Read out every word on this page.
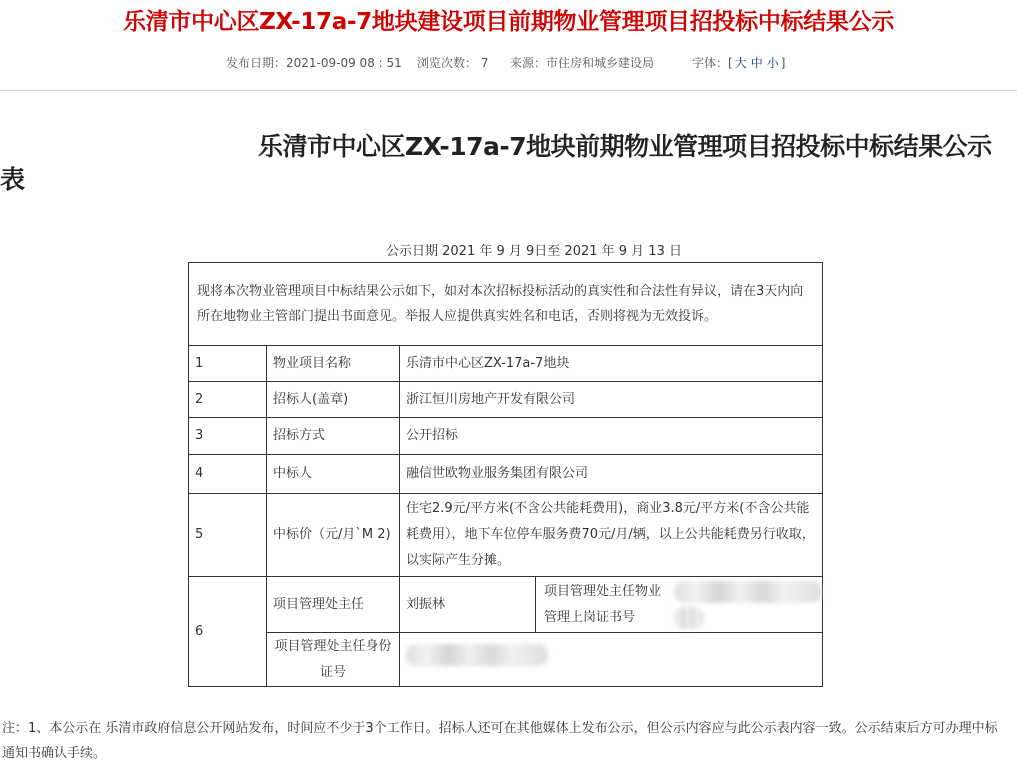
乐清市中心区ZX-17a-7地块建设项目前期物业管理项目招投标中标结果公示
发布日期：2021-09-09 08 : 51 浏览次数： 7 来源：市住房和城乡建设局	字体：[ 大 中 小 ]
乐清市中心区ZX-17a-7地块前期物业管理项目招投标中标结果公示表
公示日期 2021 年 9 月 9日至 2021 年 9 月 13 日
现将本次物业管理项目中标结果公示如下，如对本次招标投标活动的真实性和合法性有异议，请在3天内向所在地物业主管部门提出书面意见。举报人应提供真实姓名和电话，否则将视为无效投诉。			
1	物业项目名称	乐清市中心区ZX-17a-7地块	
2	招标人(盖章)	浙江恒川房地产开发有限公司	
3	招标方式	公开招标	
4	中标人	融信世欧物业服务集团有限公司	
5	中标价（元/月`M 2)	住宅2.9元/平方米(不含公共能耗费用)，商业3.8元/平方米(不含公共能耗费用），地下车位停车服务费70元/月/辆，以上公共能耗费另行收取，以实际产生分摊。	
6	项目管理处主任	刘振林	项目管理处主任物业管理上岗证书号

	项目管理处主任身份证号		
注：1、本公示在 乐清市政府信息公开网站发布，时间应不少于3个工作日。招标人还可在其他媒体上发布公示，但公示内容应与此公示表内容一致。公示结束后方可办理中标通知书确认手续。
